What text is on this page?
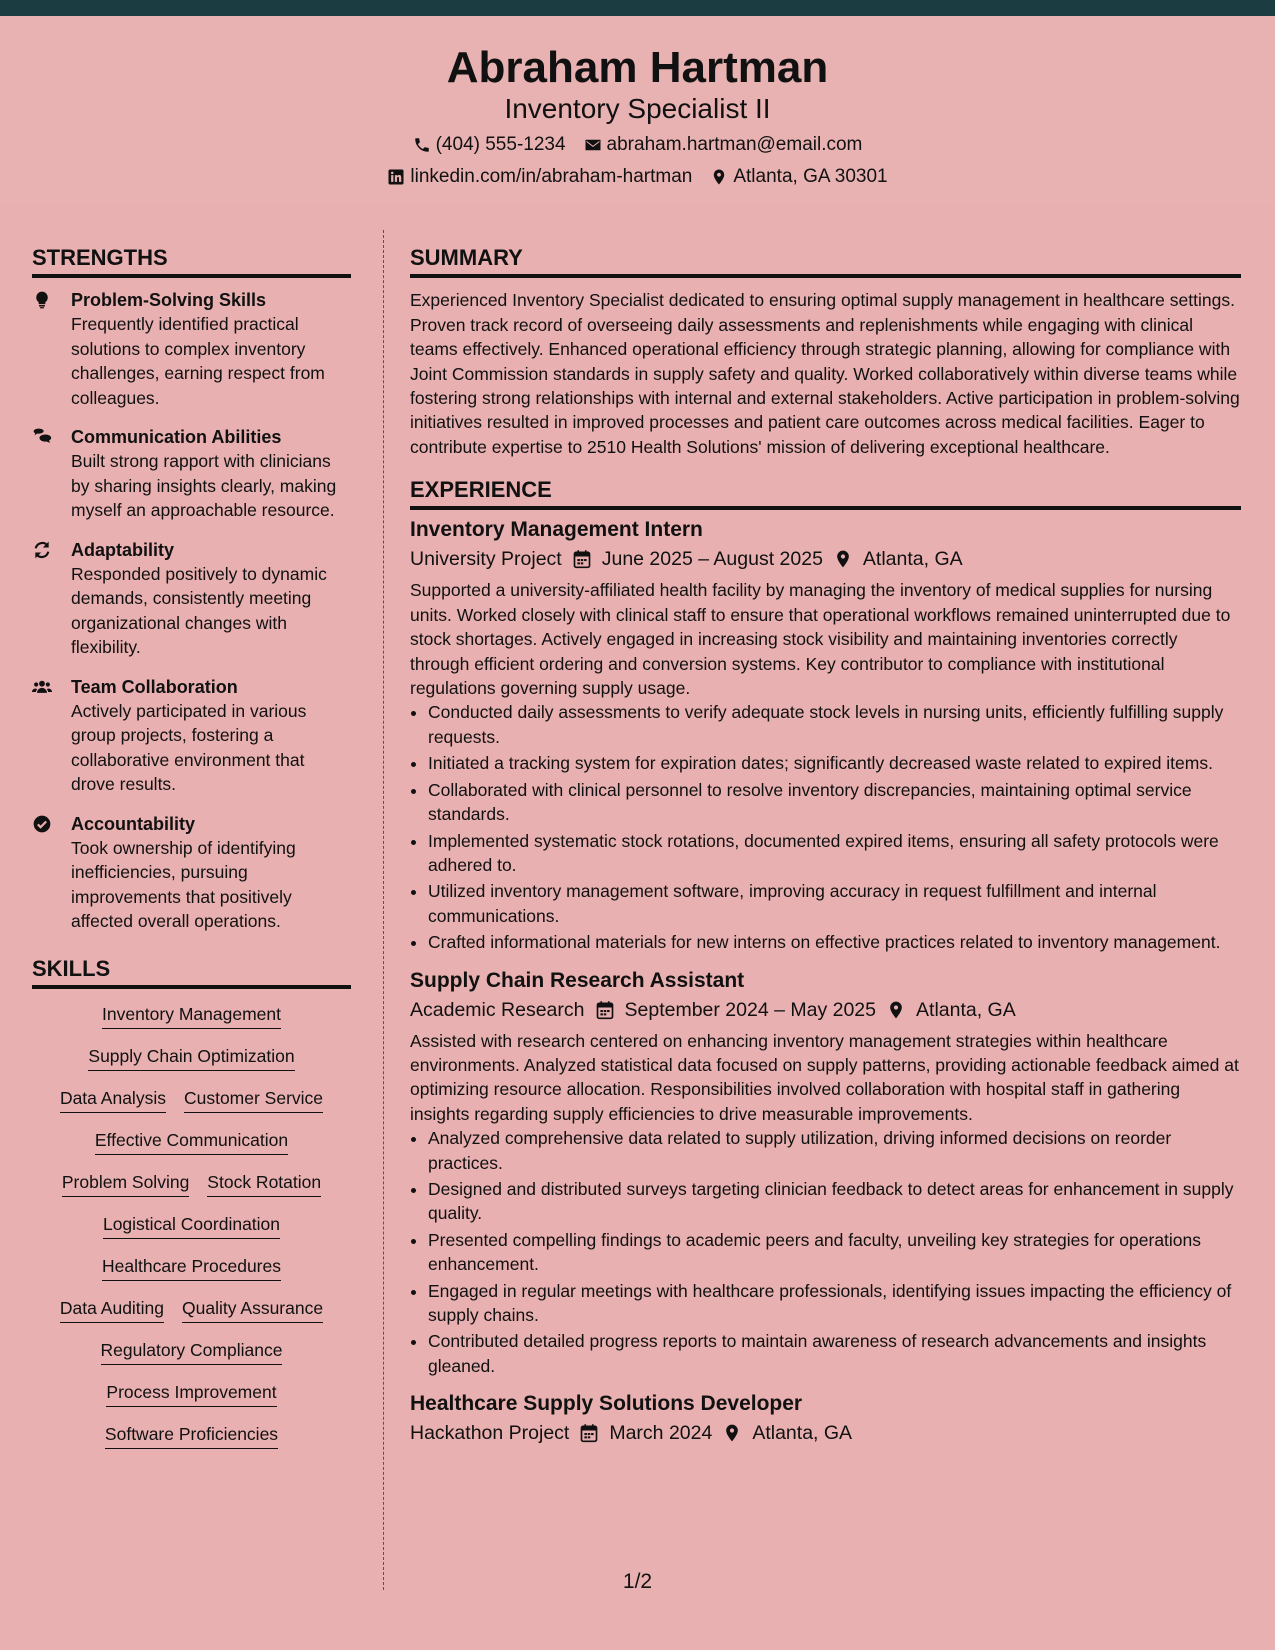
Abraham Hartman
Inventory Specialist II
(404) 555-1234 abraham.hartman@email.com
linkedin.com/in/abraham-hartman Atlanta, GA 30301
STRENGTHS
Problem-Solving Skills
Frequently identified practical solutions to complex inventory challenges, earning respect from colleagues.
Communication Abilities
Built strong rapport with clinicians by sharing insights clearly, making myself an approachable resource.
Adaptability
Responded positively to dynamic demands, consistently meeting organizational changes with flexibility.
Team Collaboration
Actively participated in various group projects, fostering a collaborative environment that drove results.
Accountability
Took ownership of identifying inefficiencies, pursuing improvements that positively affected overall operations.
SKILLS
Inventory Management
Supply Chain Optimization
Data Analysis Customer Service
Effective Communication
Problem Solving Stock Rotation
Logistical Coordination
Healthcare Procedures
Data Auditing Quality Assurance
Regulatory Compliance
Process Improvement
Software Proficiencies
SUMMARY
Experienced Inventory Specialist dedicated to ensuring optimal supply management in healthcare settings. Proven track record of overseeing daily assessments and replenishments while engaging with clinical teams effectively. Enhanced operational efficiency through strategic planning, allowing for compliance with Joint Commission standards in supply safety and quality. Worked collaboratively within diverse teams while fostering strong relationships with internal and external stakeholders. Active participation in problem-solving initiatives resulted in improved processes and patient care outcomes across medical facilities. Eager to contribute expertise to 2510 Health Solutions' mission of delivering exceptional healthcare.
EXPERIENCE
Inventory Management Intern
University Project June 2025 – August 2025 Atlanta, GA
Supported a university-affiliated health facility by managing the inventory of medical supplies for nursing units. Worked closely with clinical staff to ensure that operational workflows remained uninterrupted due to stock shortages. Actively engaged in increasing stock visibility and maintaining inventories correctly through efficient ordering and conversion systems. Key contributor to compliance with institutional regulations governing supply usage.
• Conducted daily assessments to verify adequate stock levels in nursing units, efficiently fulfilling supply requests.
• Initiated a tracking system for expiration dates; significantly decreased waste related to expired items.
• Collaborated with clinical personnel to resolve inventory discrepancies, maintaining optimal service standards.
• Implemented systematic stock rotations, documented expired items, ensuring all safety protocols were adhered to.
• Utilized inventory management software, improving accuracy in request fulfillment and internal communications.
• Crafted informational materials for new interns on effective practices related to inventory management.
Supply Chain Research Assistant
Academic Research September 2024 – May 2025 Atlanta, GA
Assisted with research centered on enhancing inventory management strategies within healthcare environments. Analyzed statistical data focused on supply patterns, providing actionable feedback aimed at optimizing resource allocation. Responsibilities involved collaboration with hospital staff in gathering insights regarding supply efficiencies to drive measurable improvements.
• Analyzed comprehensive data related to supply utilization, driving informed decisions on reorder practices.
• Designed and distributed surveys targeting clinician feedback to detect areas for enhancement in supply quality.
• Presented compelling findings to academic peers and faculty, unveiling key strategies for operations enhancement.
• Engaged in regular meetings with healthcare professionals, identifying issues impacting the efficiency of supply chains.
• Contributed detailed progress reports to maintain awareness of research advancements and insights gleaned.
Healthcare Supply Solutions Developer
Hackathon Project March 2024 Atlanta, GA
1/2
